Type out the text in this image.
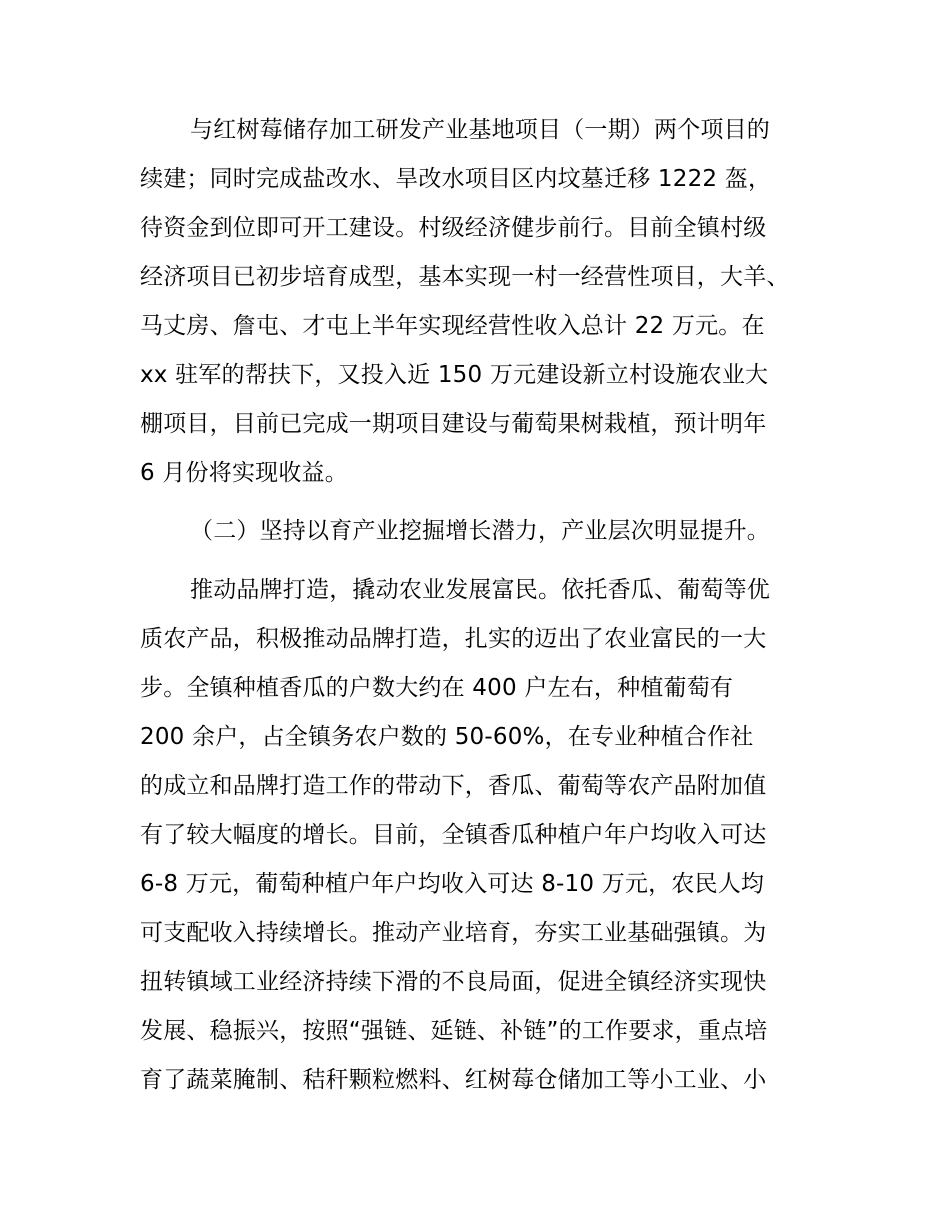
与红树莓储存加工研发产业基地项目（一期）两个项目的
续建；同时完成盐改水、旱改水项目区内坟墓迁移 1222 盔，
待资金到位即可开工建设。村级经济健步前行。目前全镇村级
经济项目已初步培育成型，基本实现一村一经营性项目，大羊、
马丈房、詹屯、才屯上半年实现经营性收入总计 22 万元。在
xx 驻军的帮扶下，又投入近 150 万元建设新立村设施农业大
棚项目，目前已完成一期项目建设与葡萄果树栽植，预计明年
6 月份将实现收益。
（二）坚持以育产业挖掘增长潜力，产业层次明显提升。
推动品牌打造，撬动农业发展富民。依托香瓜、葡萄等优
质农产品，积极推动品牌打造，扎实的迈出了农业富民的一大
步。全镇种植香瓜的户数大约在 400 户左右，种植葡萄有
200 余户，占全镇务农户数的 50-60%，在专业种植合作社
的成立和品牌打造工作的带动下，香瓜、葡萄等农产品附加值
有了较大幅度的增长。目前，全镇香瓜种植户年户均收入可达
6-8 万元，葡萄种植户年户均收入可达 8-10 万元，农民人均
可支配收入持续增长。推动产业培育，夯实工业基础强镇。为
扭转镇域工业经济持续下滑的不良局面，促进全镇经济实现快
发展、稳振兴，按照“强链、延链、补链”的工作要求，重点培
育了蔬菜腌制、秸秆颗粒燃料、红树莓仓储加工等小工业、小
